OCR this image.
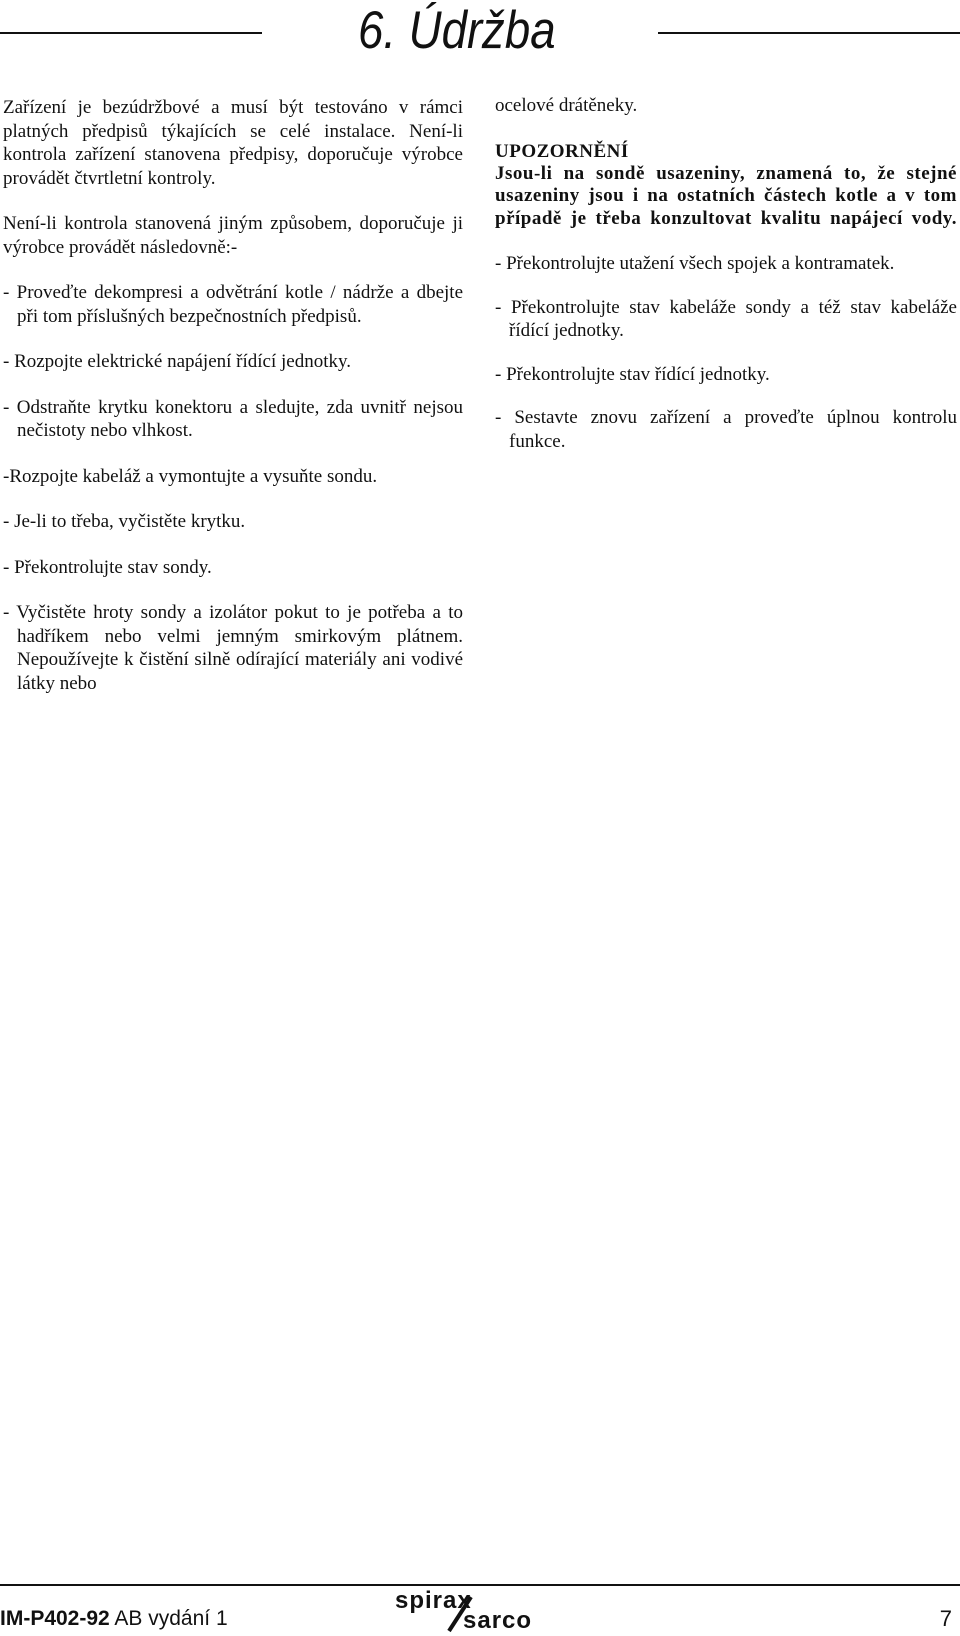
6. Údržba

Zařízení je bezúdržbové a musí být testováno v rámci platných předpisů týkajících se celé instalace. Není-li kontrola zařízení stanovena předpisy, doporučuje výrobce provádět čtvrtletní kontroly.

Není-li kontrola stanovená jiným způsobem, doporučuje ji výrobce provádět následovně:-

- Proveďte dekompresi a odvětrání kotle / nádrže a dbejte při tom příslušných bezpečnostních předpisů.

- Rozpojte elektrické napájení řídící jednotky.

- Odstraňte krytku konektoru a sledujte, zda uvnitř nejsou nečistoty nebo vlhkost.

-Rozpojte kabeláž a vymontujte a vysuňte sondu.

- Je-li to třeba, vyčistěte krytku.

- Překontrolujte stav sondy.

- Vyčistěte hroty sondy a izolátor pokut to je potřeba a to hadříkem nebo velmi jemným smirkovým plátnem. Nepoužívejte k čistění silně odírající materiály ani vodivé látky nebo

ocelové drátěneky.

UPOZORNĚNÍ

Jsou-li na sondě usazeniny, znamená to, že stejné usazeniny jsou i na ostatních částech kotle a v tom případě je třeba konzultovat kvalitu napájecí vody.

- Překontrolujte utažení všech spojek a kontramatek.

- Překontrolujte stav kabeláže sondy a též stav kabeláže řídící jednotky.

- Překontrolujte stav řídící jednotky.

- Sestavte znovu zařízení a proveďte úplnou kontrolu funkce.

IM-P402-92 AB vydání 1
spirax
sarco	7
